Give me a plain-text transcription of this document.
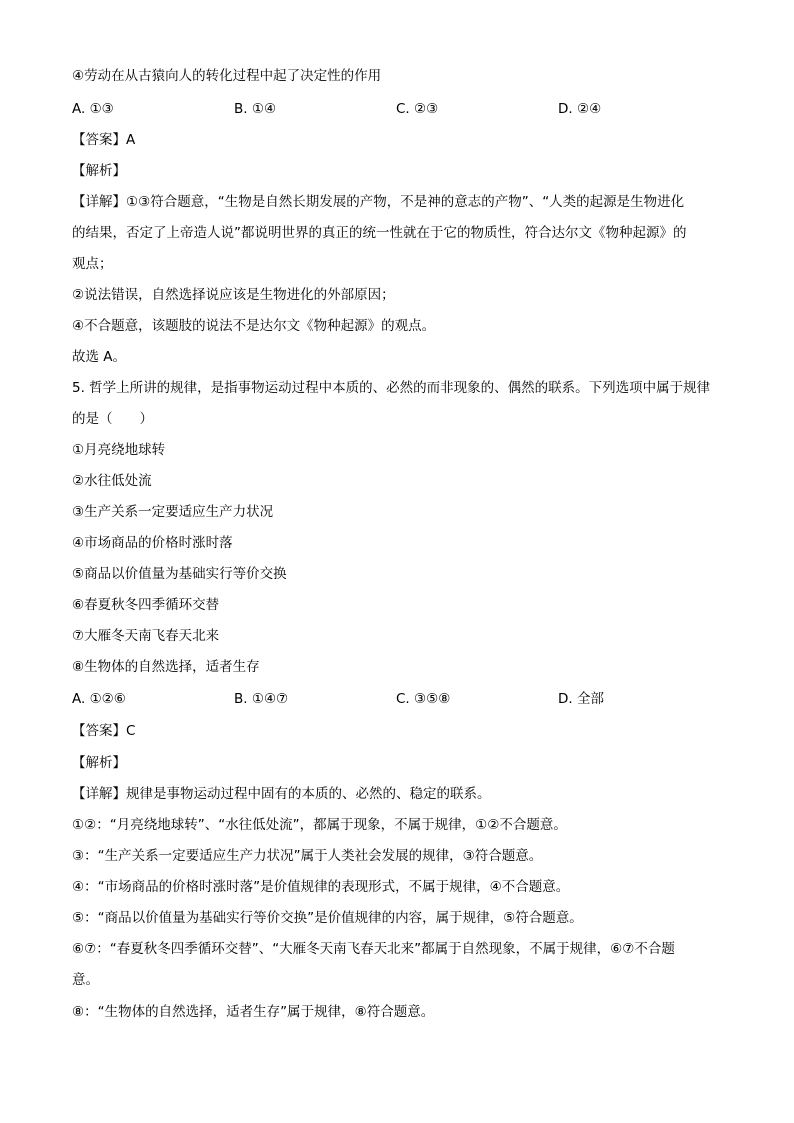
④劳动在从古猿向人的转化过程中起了决定性的作用
A. ①③	B. ①④	C. ②③	D. ②④
【答案】A
【解析】
【详解】①③符合题意，“生物是自然长期发展的产物，不是神的意志的产物”、“人类的起源是生物进化
的结果，否定了上帝造人说”都说明世界的真正的统一性就在于它的物质性，符合达尔文《物种起源》的
观点；
②说法错误，自然选择说应该是生物进化的外部原因；
④不合题意，该题肢的说法不是达尔文《物种起源》的观点。
故选 A。
5. 哲学上所讲的规律，是指事物运动过程中本质的、必然的而非现象的、偶然的联系。下列选项中属于规律
的是（　　）
①月亮绕地球转
②水往低处流
③生产关系一定要适应生产力状况
④市场商品的价格时涨时落
⑤商品以价值量为基础实行等价交换
⑥春夏秋冬四季循环交替
⑦大雁冬天南飞春天北来
⑧生物体的自然选择，适者生存
A. ①②⑥	B. ①④⑦	C. ③⑤⑧	D. 全部
【答案】C
【解析】
【详解】规律是事物运动过程中固有的本质的、必然的、稳定的联系。
①②：“月亮绕地球转”、“水往低处流”，都属于现象，不属于规律，①②不合题意。
③：“生产关系一定要适应生产力状况”属于人类社会发展的规律，③符合题意。
④：“市场商品的价格时涨时落”是价值规律的表现形式，不属于规律，④不合题意。
⑤：“商品以价值量为基础实行等价交换”是价值规律的内容，属于规律，⑤符合题意。
⑥⑦：“春夏秋冬四季循环交替”、“大雁冬天南飞春天北来”都属于自然现象，不属于规律，⑥⑦不合题
意。
⑧：“生物体的自然选择，适者生存”属于规律，⑧符合题意。
